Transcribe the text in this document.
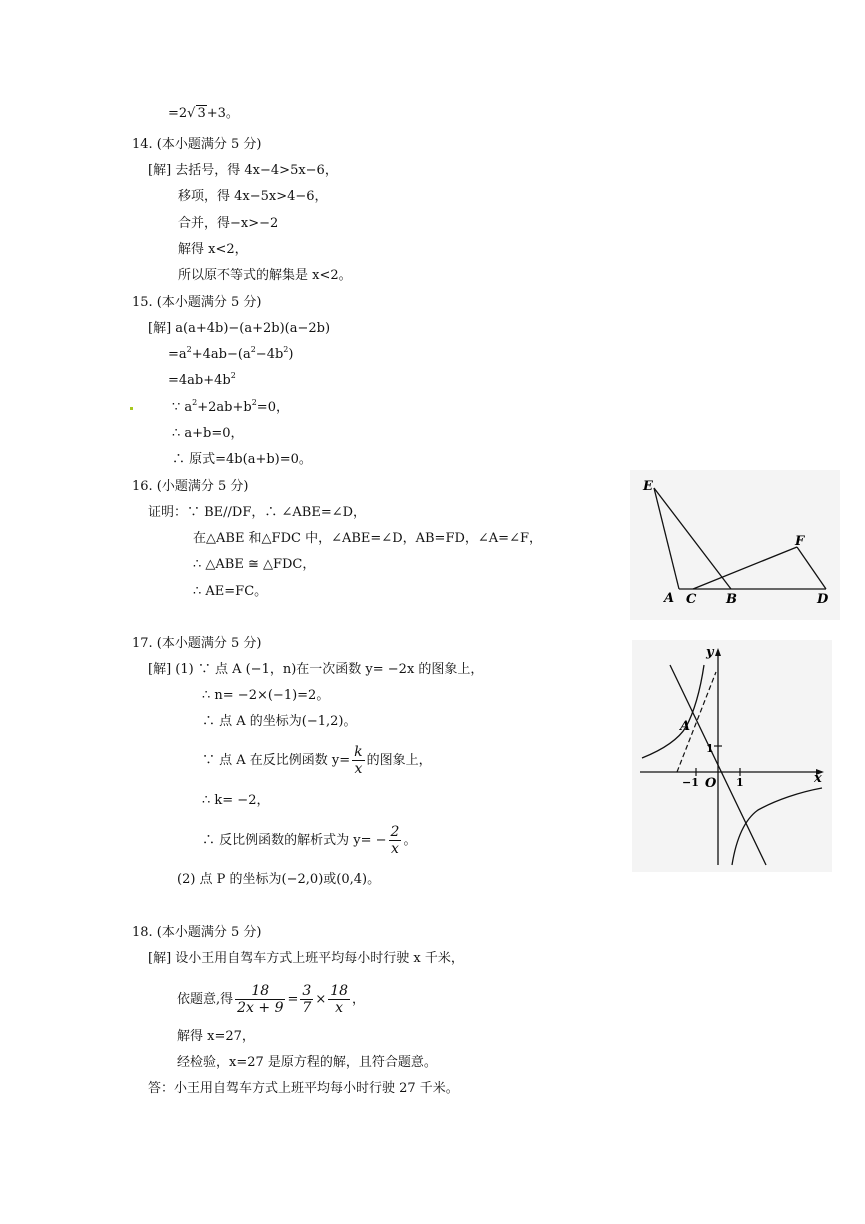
=2√ 3+3。
14. (本小题满分 5 分)
[解] 去括号，得 4x−4>5x−6，
移项，得 4x−5x>4−6，
合并，得−x>−2
解得 x<2，
所以原不等式的解集是 x<2。
15. (本小题满分 5 分)
[解] a(a+4b)−(a+2b)(a−2b)
$=a^2+4ab-(a^2-4b^2)$
$=4ab+4b^2$
∵ $a^2+2ab+b^2=0$，
∴ a+b=0，
∴ 原式=4b(a+b)=0。
16. (小题满分 5 分)
证明：∵ BE//DF，∴ ∠ABE=∠D，
在△ABE 和△FDC 中，∠ABE=∠D，AB=FD，∠A=∠F，
∴ △ABE ≅ △FDC，
∴ AE=FC。
E
F
A C B	D
17. (本小题满分 5 分)
[解] (1) ∵ 点 A (−1，n)在一次函数 y= −2x 的图象上，
∴ n= −2×(−1)=2。
∴ 点 A 的坐标为(−1,2)。
∵ 点 A 在反比例函数 $y= \frac{k}{x}$ 的图象上，
∴ k= −2，
∴ 反比例函数的解析式为 $y= - \frac{2}{x}$ 。
(2) 点 P 的坐标为(−2,0)或(0,4)。
y
x
A
1
−1 O 1
18. (本小题满分 5 分)
[解] 设小王用自驾车方式上班平均每小时行驶 x 千米，
依题意,得 $\frac{18}{2x + 9} = \frac{3}{7} \times \frac{18}{x}$ ，
解得 x=27，
经检验，x=27 是原方程的解，且符合题意。
答：小王用自驾车方式上班平均每小时行驶 27 千米。
